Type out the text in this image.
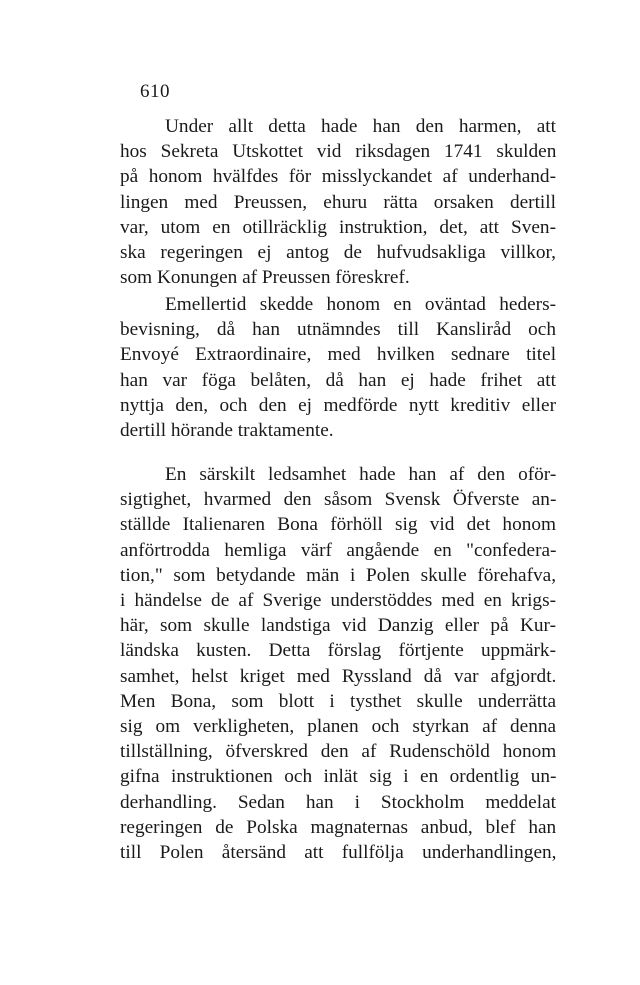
610
Under allt detta hade han den harmen, att
hos Sekreta Utskottet vid riksdagen 1741 skulden
på honom hvälfdes för misslyckandet af underhand-
lingen med Preussen, ehuru rätta orsaken dertill
var, utom en otillräcklig instruktion, det, att Sven-
ska regeringen ej antog de hufvudsakliga villkor,
som Konungen af Preussen föreskref.
Emellertid skedde honom en oväntad heders-
bevisning, då han utnämndes till Kansliråd och
Envoyé Extraordinaire, med hvilken sednare titel
han var föga belåten, då han ej hade frihet att
nyttja den, och den ej medförde nytt kreditiv eller
dertill hörande traktamente.
En särskilt ledsamhet hade han af den oför-
sigtighet, hvarmed den såsom Svensk Öfverste an-
ställde Italienaren Bona förhöll sig vid det honom
anförtrodda hemliga värf angående en "confedera-
tion," som betydande män i Polen skulle förehafva,
i händelse de af Sverige understöddes med en krigs-
här, som skulle landstiga vid Danzig eller på Kur-
ländska kusten. Detta förslag förtjente uppmärk-
samhet, helst kriget med Ryssland då var afgjordt.
Men Bona, som blott i tysthet skulle underrätta
sig om verkligheten, planen och styrkan af denna
tillställning, öfverskred den af Rudenschöld honom
gifna instruktionen och inlät sig i en ordentlig un-
derhandling. Sedan han i Stockholm meddelat
regeringen de Polska magnaternas anbud, blef han
till Polen återsänd att fullfölja underhandlingen,
